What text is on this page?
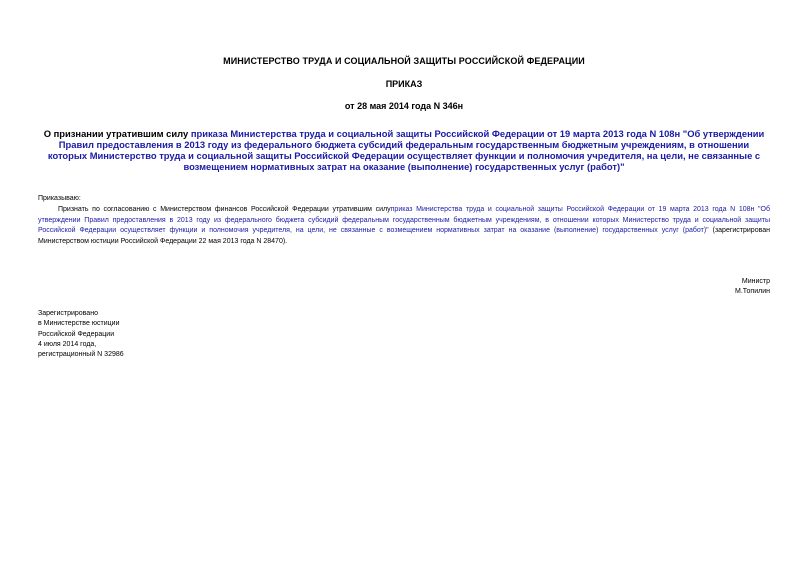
МИНИСТЕРСТВО ТРУДА И СОЦИАЛЬНОЙ ЗАЩИТЫ РОССИЙСКОЙ ФЕДЕРАЦИИ
ПРИКАЗ
от 28 мая 2014 года N 346н
О признании утратившим силу приказа Министерства труда и социальной защиты Российской Федерации от 19 марта 2013 года N 108н "Об утверждении Правил предоставления в 2013 году из федерального бюджета субсидий федеральным государственным бюджетным учреждениям, в отношении которых Министерство труда и социальной защиты Российской Федерации осуществляет функции и полномочия учредителя, на цели, не связанные с возмещением нормативных затрат на оказание (выполнение) государственных услуг (работ)"
Приказываю:
Признать по согласованию с Министерством финансов Российской Федерации утратившим силуприказ Министерства труда и социальной защиты Российской Федерации от 19 марта 2013 года N 108н "Об утверждении Правил предоставления в 2013 году из федерального бюджета субсидий федеральным государственным бюджетным учреждениям, в отношении которых Министерство труда и социальной защиты Российской Федерации осуществляет функции и полномочия учредителя, на цели, не связанные с возмещением нормативных затрат на оказание (выполнение) государственных услуг (работ)" (зарегистрирован Министерством юстиции Российской Федерации 22 мая 2013 года N 28470).
Министр
М.Топилин
Зарегистрировано
в Министерстве юстиции
Российской Федерации
4 июля 2014 года,
регистрационный N 32986
